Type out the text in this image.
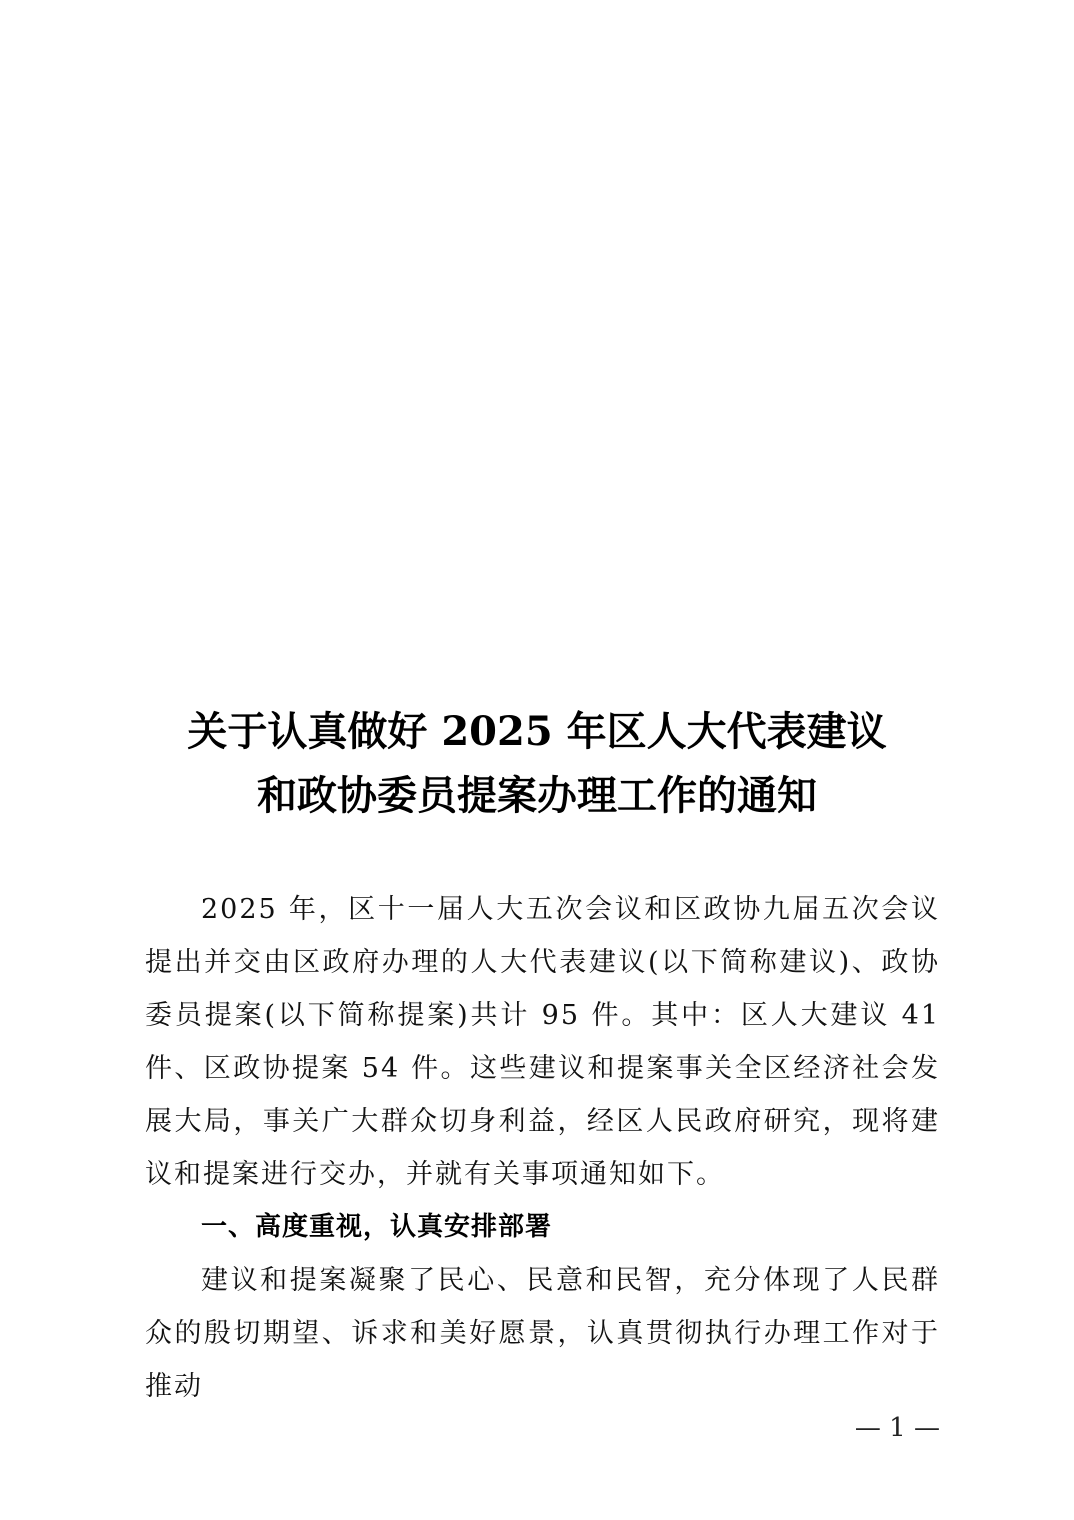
关于认真做好 2025 年区人大代表建议
和政协委员提案办理工作的通知

2025 年，区十一届人大五次会议和区政协九届五次会议提出并交由区政府办理的人大代表建议(以下简称建议)、政协委员提案(以下简称提案)共计 95 件。其中：区人大建议 41 件、区政协提案 54 件。这些建议和提案事关全区经济社会发展大局，事关广大群众切身利益，经区人民政府研究，现将建议和提案进行交办，并就有关事项通知如下。

一、高度重视，认真安排部署

建议和提案凝聚了民心、民意和民智，充分体现了人民群众的殷切期望、诉求和美好愿景，认真贯彻执行办理工作对于推动

— 1 —
